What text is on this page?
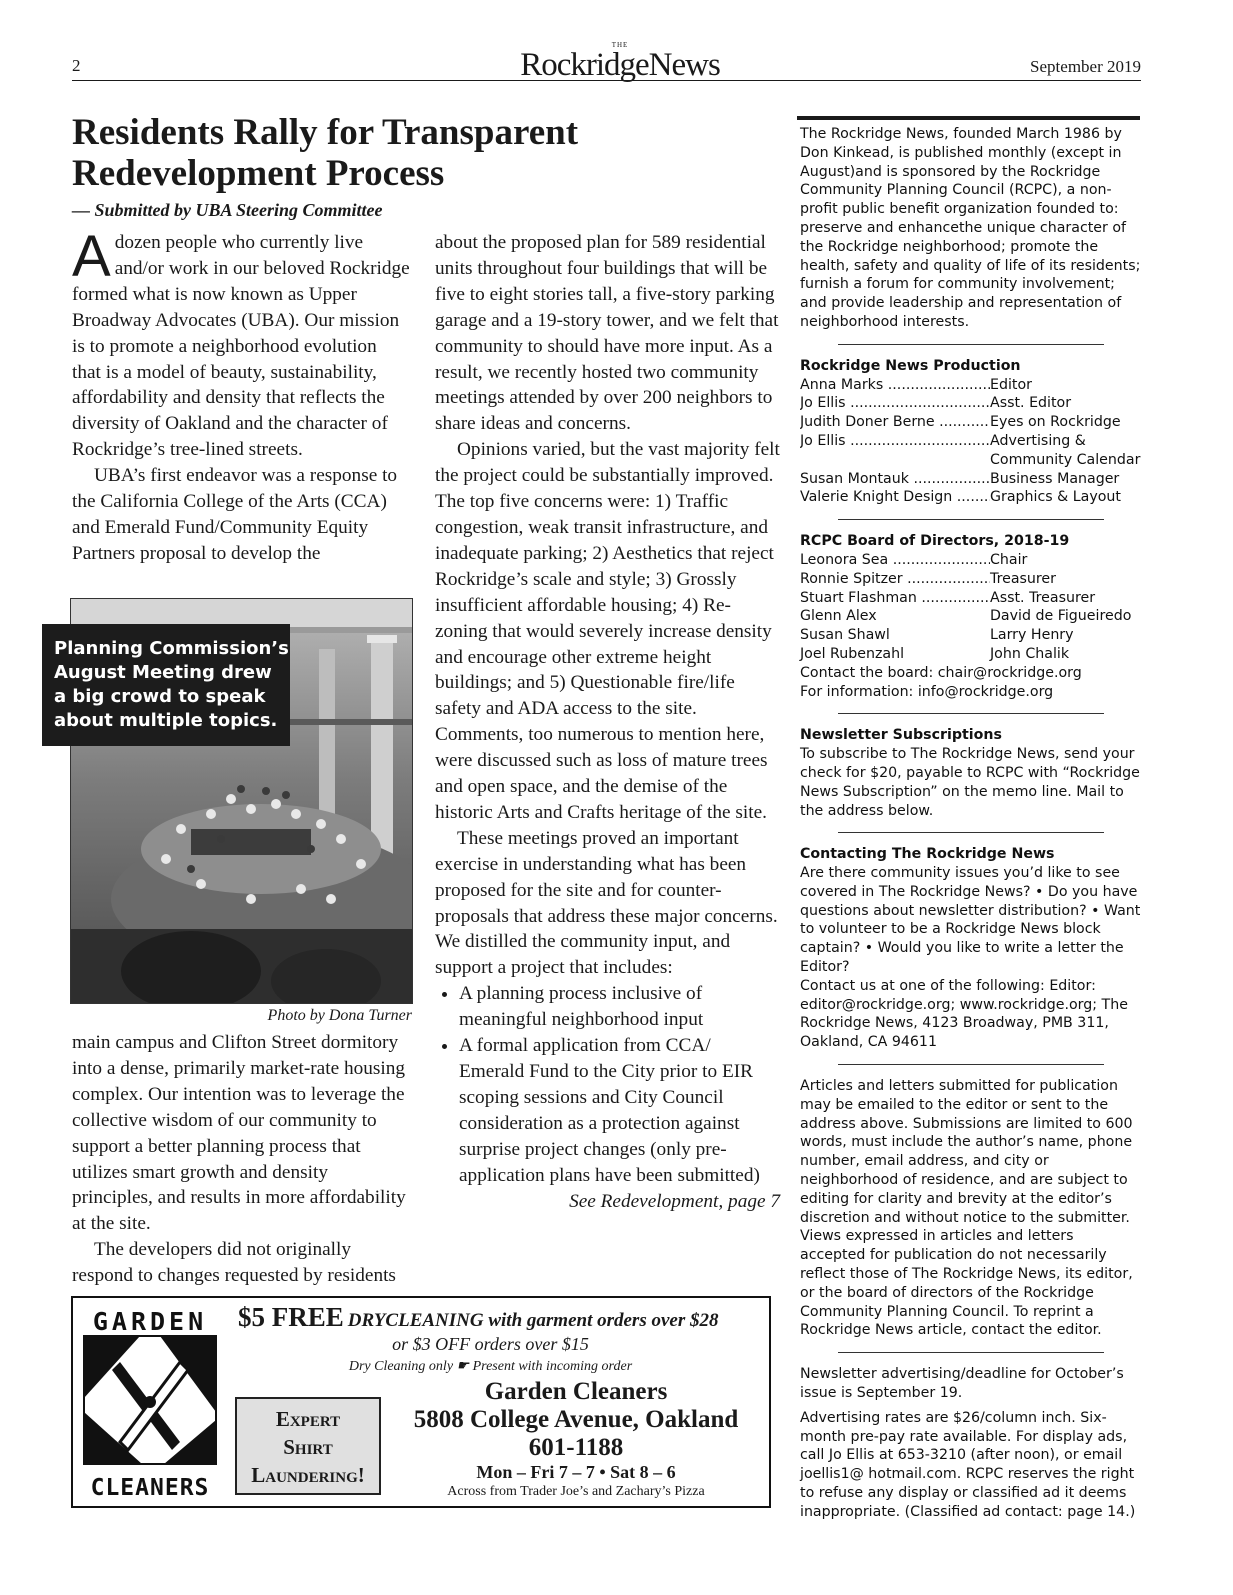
2
THE
RockridgeNews	September 2019
Residents Rally for Transparent Redevelopment Process
— Submitted by UBA Steering Committee

Adozen people who currently live and/or work in our beloved Rockridge formed what is now known as Upper Broadway Advocates (UBA). Our mission is to promote a neighborhood evolution that is a model of beauty, sustainability, affordability and density that reflects the diversity of Oakland and the character of Rockridge’s tree-lined streets.

UBA’s first endeavor was a response to the California College of the Arts (CCA) and Emerald Fund/Community Equity Partners proposal to develop the

Planning Commission’s August Meeting drew a big crowd to speak about multiple topics.
Photo by Dona Turner

main campus and Clifton Street dormitory into a dense, primarily market-rate housing complex. Our intention was to leverage the collective wisdom of our community to support a better planning process that utilizes smart growth and density principles, and results in more affordability at the site.

The developers did not originally respond to changes requested by residents

about the proposed plan for 589 residential units throughout four buildings that will be five to eight stories tall, a five-story parking garage and a 19-story tower, and we felt that community to should have more input. As a result, we recently hosted two community meetings attended by over 200 neighbors to share ideas and concerns.

Opinions varied, but the vast majority felt the project could be substantially improved. The top five concerns were: 1) Traffic congestion, weak transit infrastructure, and inadequate parking; 2) Aesthetics that reject Rockridge’s scale and style; 3) Grossly insufficient affordable housing; 4) Re-zoning that would severely increase density and encourage other extreme height buildings; and 5) Questionable fire/life safety and ADA access to the site. Comments, too numerous to mention here, were discussed such as loss of mature trees and open space, and the demise of the historic Arts and Crafts heritage of the site.

These meetings proved an important exercise in understanding what has been proposed for the site and for counter-proposals that address these major concerns. We distilled the community input, and support a project that includes:

• A planning process inclusive of meaningful neighborhood input
• A formal application from CCA/ Emerald Fund to the City prior to EIR scoping sessions and City Council consideration as a protection against surprise project changes (only pre-application plans have been submitted)

See Redevelopment, page 7

The Rockridge News, founded March 1986 by Don Kinkead, is published monthly (except in August)and is sponsored by the Rockridge Community Planning Council (RCPC), a non-profit public benefit organization founded to: preserve and enhancethe unique character of the Rockridge neighborhood; promote the health, safety and quality of life of its residents; furnish a forum for community involvement; and provide leadership and representation of neighborhood interests.

Rockridge News Production

Anna Marks .....	Editor
Jo Ellis .....	Asst. Editor
Judith Doner Berne .....	Eyes on Rockridge
Jo Ellis .....	Advertising & Community Calendar
Susan Montauk .....	Business Manager
Valerie Knight Design .....	Graphics & Layout

RCPC Board of Directors, 2018-19

Leonora Sea .....	Chair
Ronnie Spitzer .....	Treasurer
Stuart Flashman .....	Asst. Treasurer
Glenn Alex	David de Figueiredo
Susan Shawl	Larry Henry
Joel Rubenzahl	John Chalik

Contact the board: chair@rockridge.org

For information: info@rockridge.org

Newsletter Subscriptions

To subscribe to The Rockridge News, send your check for $20, payable to RCPC with “Rockridge News Subscription” on the memo line. Mail to the address below.

Contacting The Rockridge News

Are there community issues you’d like to see covered in The Rockridge News? • Do you have questions about newsletter distribution? • Want to volunteer to be a Rockridge News block captain? • Would you like to write a letter the Editor?

Contact us at one of the following: Editor: editor@rockridge.org; www.rockridge.org; The Rockridge News, 4123 Broadway, PMB 311, Oakland, CA 94611

Articles and letters submitted for publication may be emailed to the editor or sent to the address above. Submissions are limited to 600 words, must include the author’s name, phone number, email address, and city or neighborhood of residence, and are subject to editing for clarity and brevity at the editor’s discretion and without notice to the submitter. Views expressed in articles and letters accepted for publication do not necessarily reflect those of The Rockridge News, its editor, or the board of directors of the Rockridge Community Planning Council. To reprint a Rockridge News article, contact the editor.

Newsletter advertising/deadline for October’s issue is September 19.

Advertising rates are $26/column inch. Six-month pre-pay rate available. For display ads, call Jo Ellis at 653-3210 (after noon), or email joellis1@ hotmail.com. RCPC reserves the right to refuse any display or classified ad it deems inappropriate. (Classified ad contact: page 14.)

GARDEN
CLEANERS
$5 FREE DRYCLEANING with garment orders over $28
or $3 OFF orders over $15
Dry Cleaning only ☛ Present with incoming order
Expert
Shirt
Laundering!
Garden Cleaners
5808 College Avenue, Oakland
601-1188
Mon – Fri 7 – 7 • Sat 8 – 6
Across from Trader Joe’s and Zachary’s Pizza
